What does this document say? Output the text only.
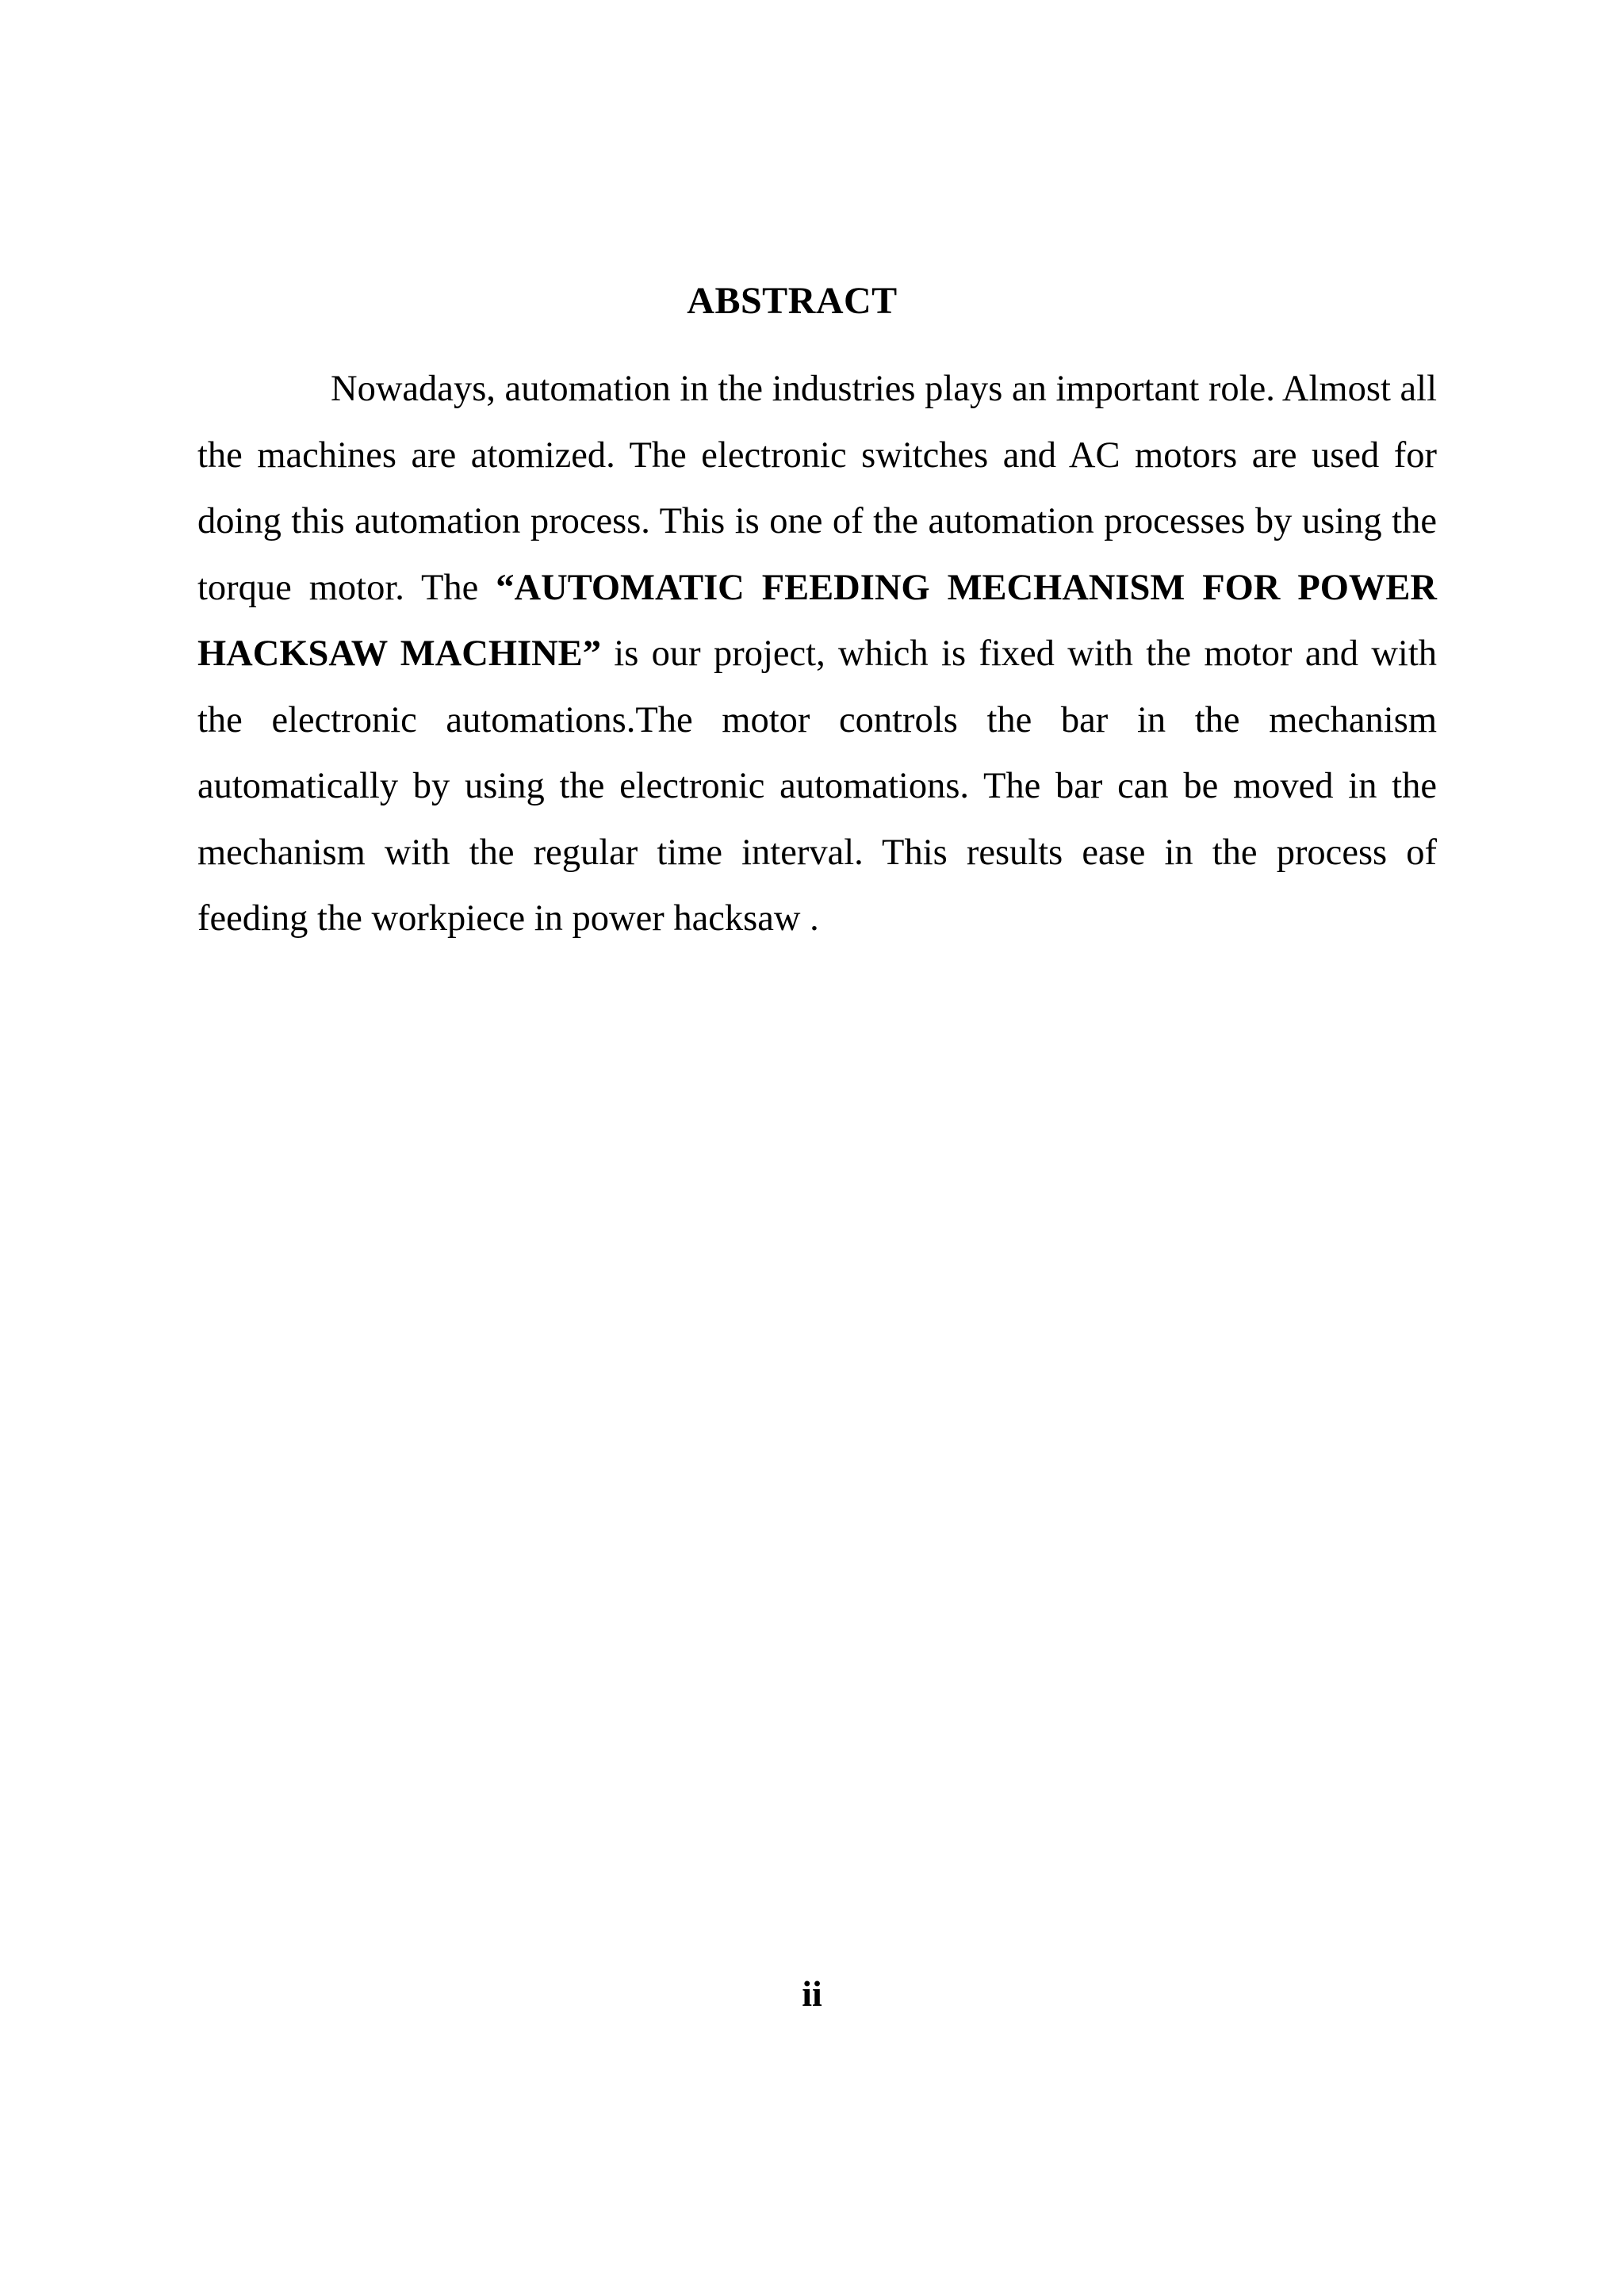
ABSTRACT

Nowadays, automation in the industries plays an important role. Almost all the machines are atomized. The electronic switches and AC motors are used for doing this automation process. This is one of the automation processes by using the torque motor. The “AUTOMATIC FEEDING MECHANISM FOR POWER HACKSAW MACHINE” is our project, which is fixed with the motor and with the electronic automations.The motor controls the bar in the mechanism automatically by using the electronic automations. The bar can be moved in the mechanism with the regular time interval. This results ease in the process of feeding the workpiece in power hacksaw .

ii
